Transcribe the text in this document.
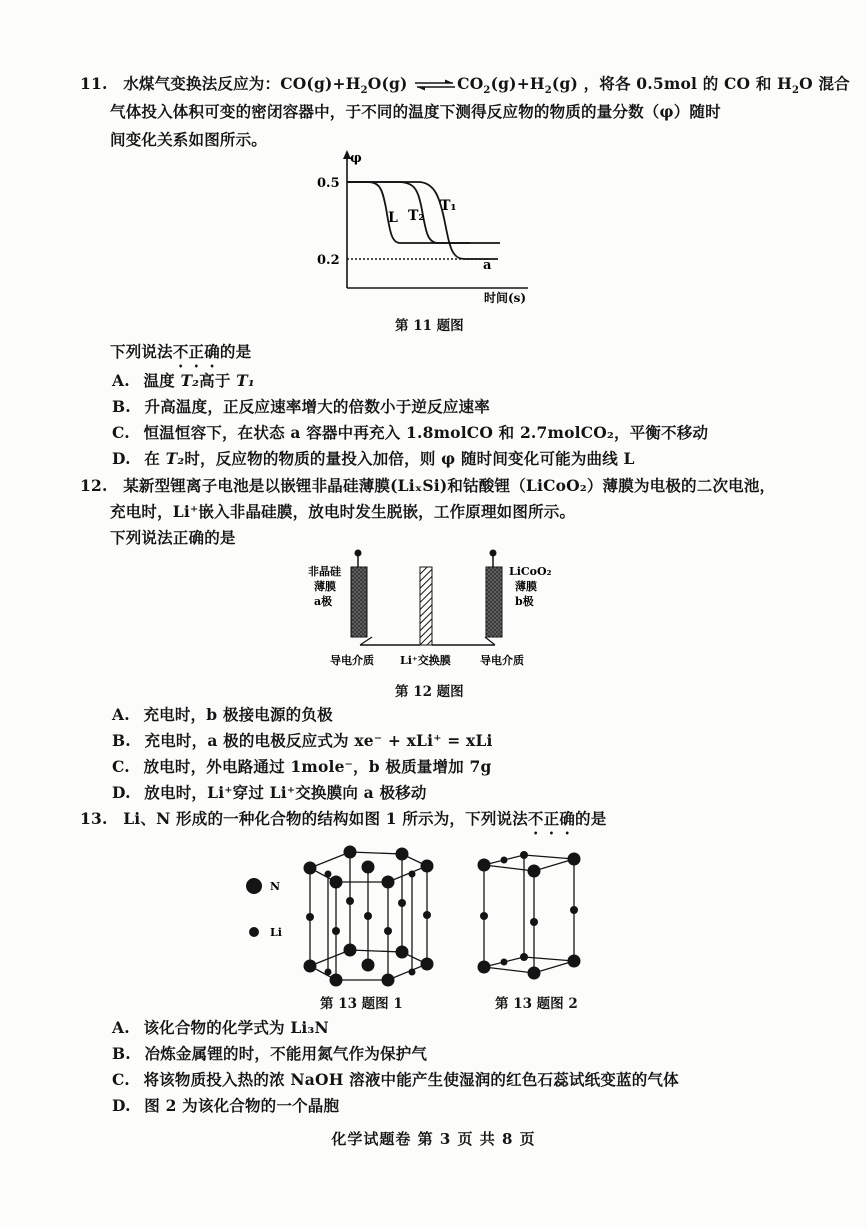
11. 水煤气变换法反应为：$CO(g)+H_2O(g)$ $\rightleftharpoons CO_2(g)+H_2(g)$ ，将各 0.5mol 的 CO 和 $H_2O$ 混合
气体投入体积可变的密闭容器中，于不同的温度下测得反应物的物质的量分数（φ）随时
间变化关系如图所示。
φ
0.5
0.2
L T₂
T₁
a
时间(s)
第 11 题图
下列说法不正确的是
A. 温度 T₂高于 T₁
B. 升高温度，正反应速率增大的倍数小于逆反应速率
C. 恒温恒容下，在状态 a 容器中再充入 1.8molCO 和 2.7molCO₂，平衡不移动
D. 在 T₂时，反应物的物质的量投入加倍，则 φ 随时间变化可能为曲线 L
12. 某新型锂离子电池是以嵌锂非晶硅薄膜(LiₓSi)和钴酸锂（LiCoO₂）薄膜为电极的二次电池，
充电时，Li⁺嵌入非晶硅膜，放电时发生脱嵌，工作原理如图所示。
下列说法正确的是
非晶硅
薄膜
a极
LiCoO₂
薄膜
b极
导电介质 Li⁺交换膜	导电介质
第 12 题图
A. 充电时，b 极接电源的负极
B. 充电时，a 极的电极反应式为 xe⁻ + xLi⁺ = xLi
C. 放电时，外电路通过 1mole⁻，b 极质量增加 7g
D. 放电时，Li⁺穿过 Li⁺交换膜向 a 极移动
13. Li、N 形成的一种化合物的结构如图 1 所示为，下列说法不正确的是
N
Li
第 13 题图 1	第 13 题图 2
A. 该化合物的化学式为 Li₃N
B. 冶炼金属锂的时，不能用氮气作为保护气
C. 将该物质投入热的浓 NaOH 溶液中能产生使湿润的红色石蕊试纸变蓝的气体
D. 图 2 为该化合物的一个晶胞
化学试题卷 第 3 页 共 8 页
